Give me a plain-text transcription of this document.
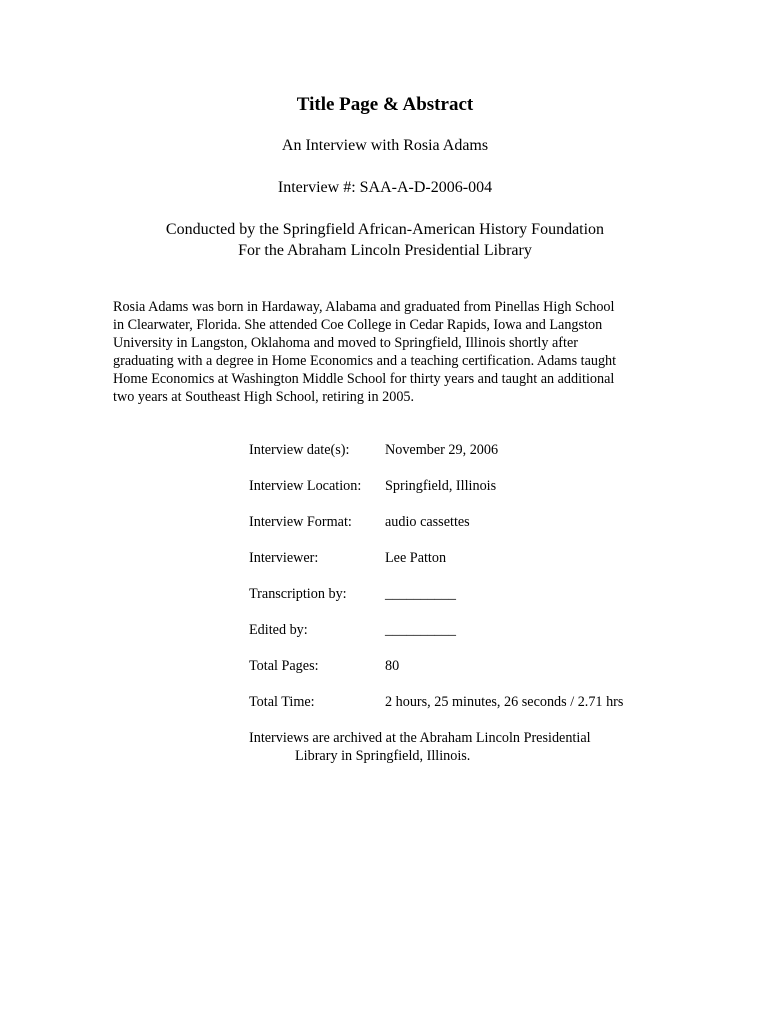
Title Page & Abstract
An Interview with Rosia Adams
Interview #: SAA-A-D-2006-004
Conducted by the Springfield African-American History Foundation
For the Abraham Lincoln Presidential Library

Rosia Adams was born in Hardaway, Alabama and graduated from Pinellas High School
in Clearwater, Florida. She attended Coe College in Cedar Rapids, Iowa and Langston
University in Langston, Oklahoma and moved to Springfield, Illinois shortly after
graduating with a degree in Home Economics and a teaching certification. Adams taught
Home Economics at Washington Middle School for thirty years and taught an additional
two years at Southeast High School, retiring in 2005.

Interview date(s):	November 29, 2006
Interview Location: Springfield, Illinois
Interview Format: audio cassettes
Interviewer:	Lee Patton
Transcription by:	__________
Edited by:	__________
Total Pages:	80
Total Time:	2 hours, 25 minutes, 26 seconds / 2.71 hrs
Interviews are archived at the Abraham Lincoln Presidential
Library in Springfield, Illinois.
